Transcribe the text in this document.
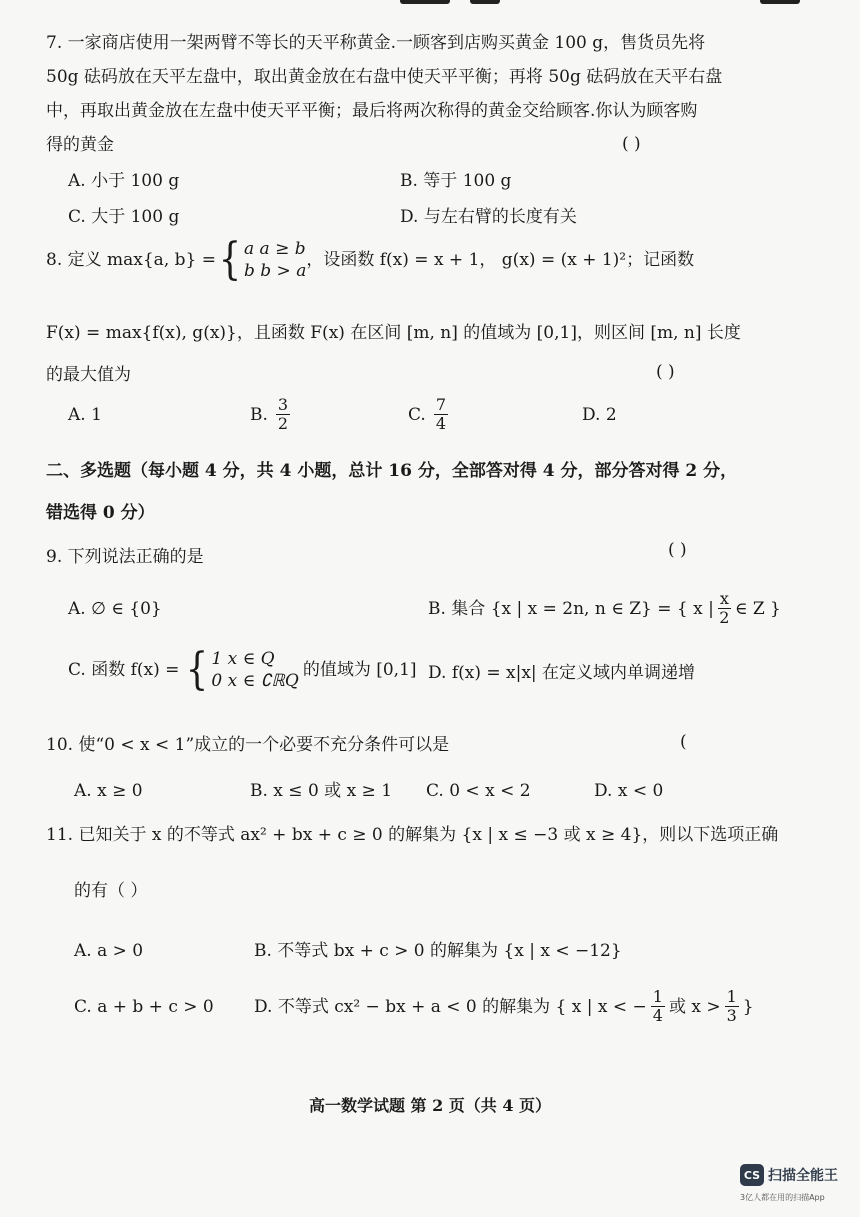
7. 一家商店使用一架两臂不等长的天平称黄金.一顾客到店购买黄金 100 g，售货员先将
50g 砝码放在天平左盘中，取出黄金放在右盘中使天平平衡；再将 50g 砝码放在天平右盘
中，再取出黄金放在左盘中使天平平衡；最后将两次称得的黄金交给顾客.你认为顾客购
得的黄金	( )
A. 小于 100 g	B. 等于 100 g
C. 大于 100 g	D. 与左右臂的长度有关
8. 定义 max{a, b} = { a a ≥ b
b b > a
，设函数 f(x) = x + 1， g(x) = (x + 1)²；记函数
F(x) = max{f(x), g(x)}，且函数 F(x) 在区间 [m, n] 的值域为 [0,1]，则区间 [m, n] 长度
的最大值为	( )
A. 1	B. $\frac{3}{2}$	C. $\frac{7}{4}$	D. 2
二、多选题（每小题 4 分，共 4 小题，总计 16 分，全部答对得 4 分，部分答对得 2 分，
错选得 0 分）
9. 下列说法正确的是	( )
A. ∅ ∈ {0}	B. 集合 {x | x = 2n, n ∈ Z} = { x | $\frac{x}{2}$ ∈ Z }
C. 函数 f(x) = { 1 x ∈ Q
0 x ∈ ∁ℝQ
的值域为 [0,1] D. f(x) = x|x| 在定义域内单调递增
10. 使“0 < x < 1”成立的一个必要不充分条件可以是	(
A. x ≥ 0	B. x ≤ 0 或 x ≥ 1 C. 0 < x < 2	D. x < 0
11. 已知关于 x 的不等式 ax² + bx + c ≥ 0 的解集为 {x | x ≤ −3 或 x ≥ 4}，则以下选项正确
的有（ ）
A. a > 0	B. 不等式 bx + c > 0 的解集为 {x | x < −12}
C. a + b + c > 0 D. 不等式 cx² − bx + a < 0 的解集为 { x | x < − $\frac{1}{4}$ 或 $x > \frac{1}{3}$ }
高一数学试题 第 2 页（共 4 页）
CS 扫描全能王
3亿人都在用的扫描App
